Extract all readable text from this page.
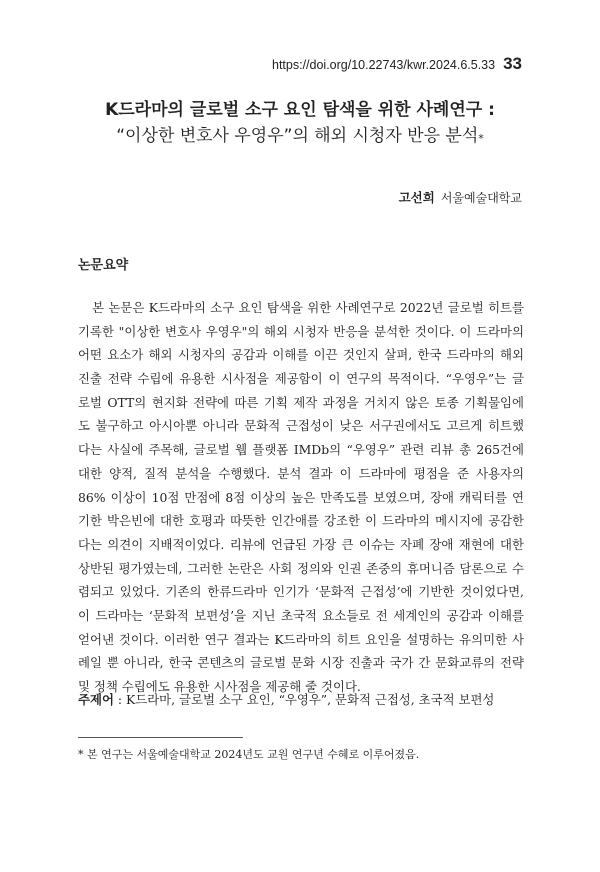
https://doi.org/10.22743/kwr.2024.6.5.33 33
K드라마의 글로벌 소구 요인 탐색을 위한 사례연구 :
“이상한 변호사 우영우”의 해외 시청자 반응 분석*
고선희 서울예술대학교
논문요약
본 논문은 K드라마의 소구 요인 탐색을 위한 사례연구로 2022년 글로벌 히트를
기록한 "이상한 변호사 우영우"의 해외 시청자 반응을 분석한 것이다. 이 드라마의
어떤 요소가 해외 시청자의 공감과 이해를 이끈 것인지 살펴, 한국 드라마의 해외
진출 전략 수립에 유용한 시사점을 제공함이 이 연구의 목적이다. “우영우”는 글
로벌 OTT의 현지화 전략에 따른 기획 제작 과정을 거치지 않은 토종 기획물임에
도 불구하고 아시아뿐 아니라 문화적 근접성이 낮은 서구권에서도 고르게 히트했
다는 사실에 주목해, 글로벌 웹 플랫폼 IMDb의 “우영우” 관련 리뷰 총 265건에
대한 양적, 질적 분석을 수행했다. 분석 결과 이 드라마에 평점을 준 사용자의
86% 이상이 10점 만점에 8점 이상의 높은 만족도를 보였으며, 장애 캐릭터를 연
기한 박은빈에 대한 호평과 따뜻한 인간애를 강조한 이 드라마의 메시지에 공감한
다는 의견이 지배적이었다. 리뷰에 언급된 가장 큰 이슈는 자폐 장애 재현에 대한
상반된 평가였는데, 그러한 논란은 사회 정의와 인권 존중의 휴머니즘 담론으로 수
렴되고 있었다. 기존의 한류드라마 인기가 ‘문화적 근접성’에 기반한 것이었다면,
이 드라마는 ‘문화적 보편성’을 지닌 초국적 요소들로 전 세계인의 공감과 이해를
얻어낸 것이다. 이러한 연구 결과는 K드라마의 히트 요인을 설명하는 유의미한 사
례일 뿐 아니라, 한국 콘텐츠의 글로벌 문화 시장 진출과 국가 간 문화교류의 전략
및 정책 수립에도 유용한 시사점을 제공해 줄 것이다.
주제어 : K드라마, 글로벌 소구 요인, “우영우”, 문화적 근접성, 초국적 보편성
* 본 연구는 서울예술대학교 2024년도 교원 연구년 수혜로 이루어졌음.
